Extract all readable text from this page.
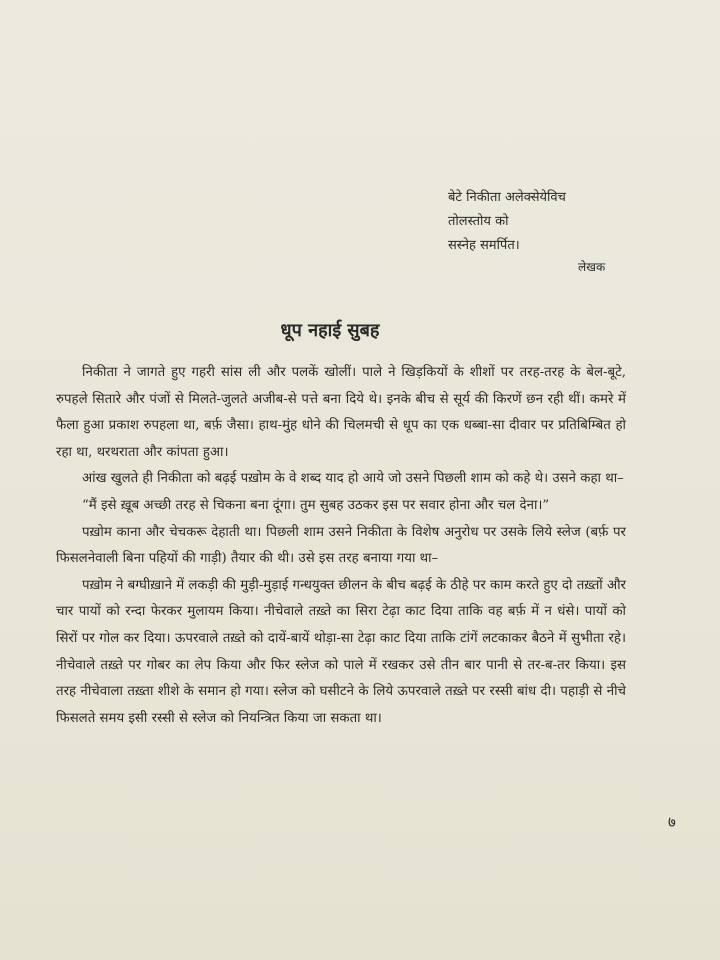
बेटे निकीता अलेक्सेयेविच
तोलस्तोय को
सस्नेह समर्पित।
लेखक
धूप नहाई सुबह

निकीता ने जागते हुए गहरी सांस ली और पलकें खोलीं। पाले ने खिड़कियों के शीशों पर तरह-तरह के बेल-बूटे, रुपहले सितारे और पंजों से मिलते-जुलते अजीब-से पत्ते बना दिये थे। इनके बीच से सूर्य की किरणें छन रही थीं। कमरे में फैला हुआ प्रकाश रुपहला था, बर्फ़ जैसा। हाथ-मुंह धोने की चिलमची से धूप का एक धब्बा-सा दीवार पर प्रतिबिम्बित हो रहा था, थरथराता और कांपता हुआ।

आंख खुलते ही निकीता को बढ़ई पख़ोम के वे शब्द याद हो आये जो उसने पिछली शाम को कहे थे। उसने कहा था–

“मैं इसे ख़ूब अच्छी तरह से चिकना बना दूंगा। तुम सुबह उठकर इस पर सवार होना और चल देना।”

पख़ोम काना और चेचकरू देहाती था। पिछली शाम उसने निकीता के विशेष अनुरोध पर उसके लिये स्लेज (बर्फ़ पर फिसलनेवाली बिना पहियों की गाड़ी) तैयार की थी। उसे इस तरह बनाया गया था–

पख़ोम ने बग्घीख़ाने में लकड़ी की मुड़ी-मुड़ाई गन्धयुक्त छीलन के बीच बढ़ई के ठीहे पर काम करते हुए दो तख़्तों और चार पायों को रन्दा फेरकर मुलायम किया। नीचेवाले तख़्ते का सिरा टेढ़ा काट दिया ताकि वह बर्फ़ में न धंसे। पायों को सिरों पर गोल कर दिया। ऊपरवाले तख़्ते को दायें-बायें थोड़ा-सा टेढ़ा काट दिया ताकि टांगें लटकाकर बैठने में सुभीता रहे। नीचेवाले तख़्ते पर गोबर का लेप किया और फिर स्लेज को पाले में रखकर उसे तीन बार पानी से तर-ब-तर किया। इस तरह नीचेवाला तख़्ता शीशे के समान हो गया। स्लेज को घसीटने के लिये ऊपरवाले तख़्ते पर रस्सी बांध दी। पहाड़ी से नीचे फिसलते समय इसी रस्सी से स्लेज को नियन्त्रित किया जा सकता था।

७
